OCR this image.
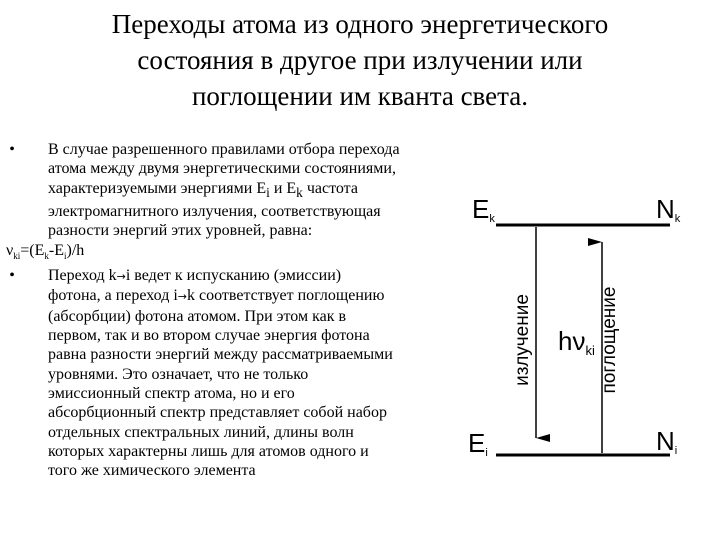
Переходы атома из одного энергетического
состояния в другое при излучении или
поглощении им кванта света.
• В случае разрешенного правилами отбора перехода
атома между двумя энергетическими состояниями,
характеризуемыми энергиями $E_i$ и $E_k$ частота
электромагнитного излучения, соответствующая
разности энергий этих уровней, равна:
$\nu_{ki}=(E_k-E_i)/h$
• Переход k→i ведет к испусканию (эмиссии)
фотона, а переход i→k соответствует поглощению
(абсорбции) фотона атомом. При этом как в
первом, так и во втором случае энергия фотона
равна разности энергий между рассматриваемыми
уровнями. Это означает, что не только
эмиссионный спектр атома, но и его
абсорбционный спектр представляет собой набор
отдельных спектральных линий, длины волн
которых характерны лишь для атомов одного и
того же химического элемента
Ek	Nk
Ei	Ni
hνki
излучение	поглощение
